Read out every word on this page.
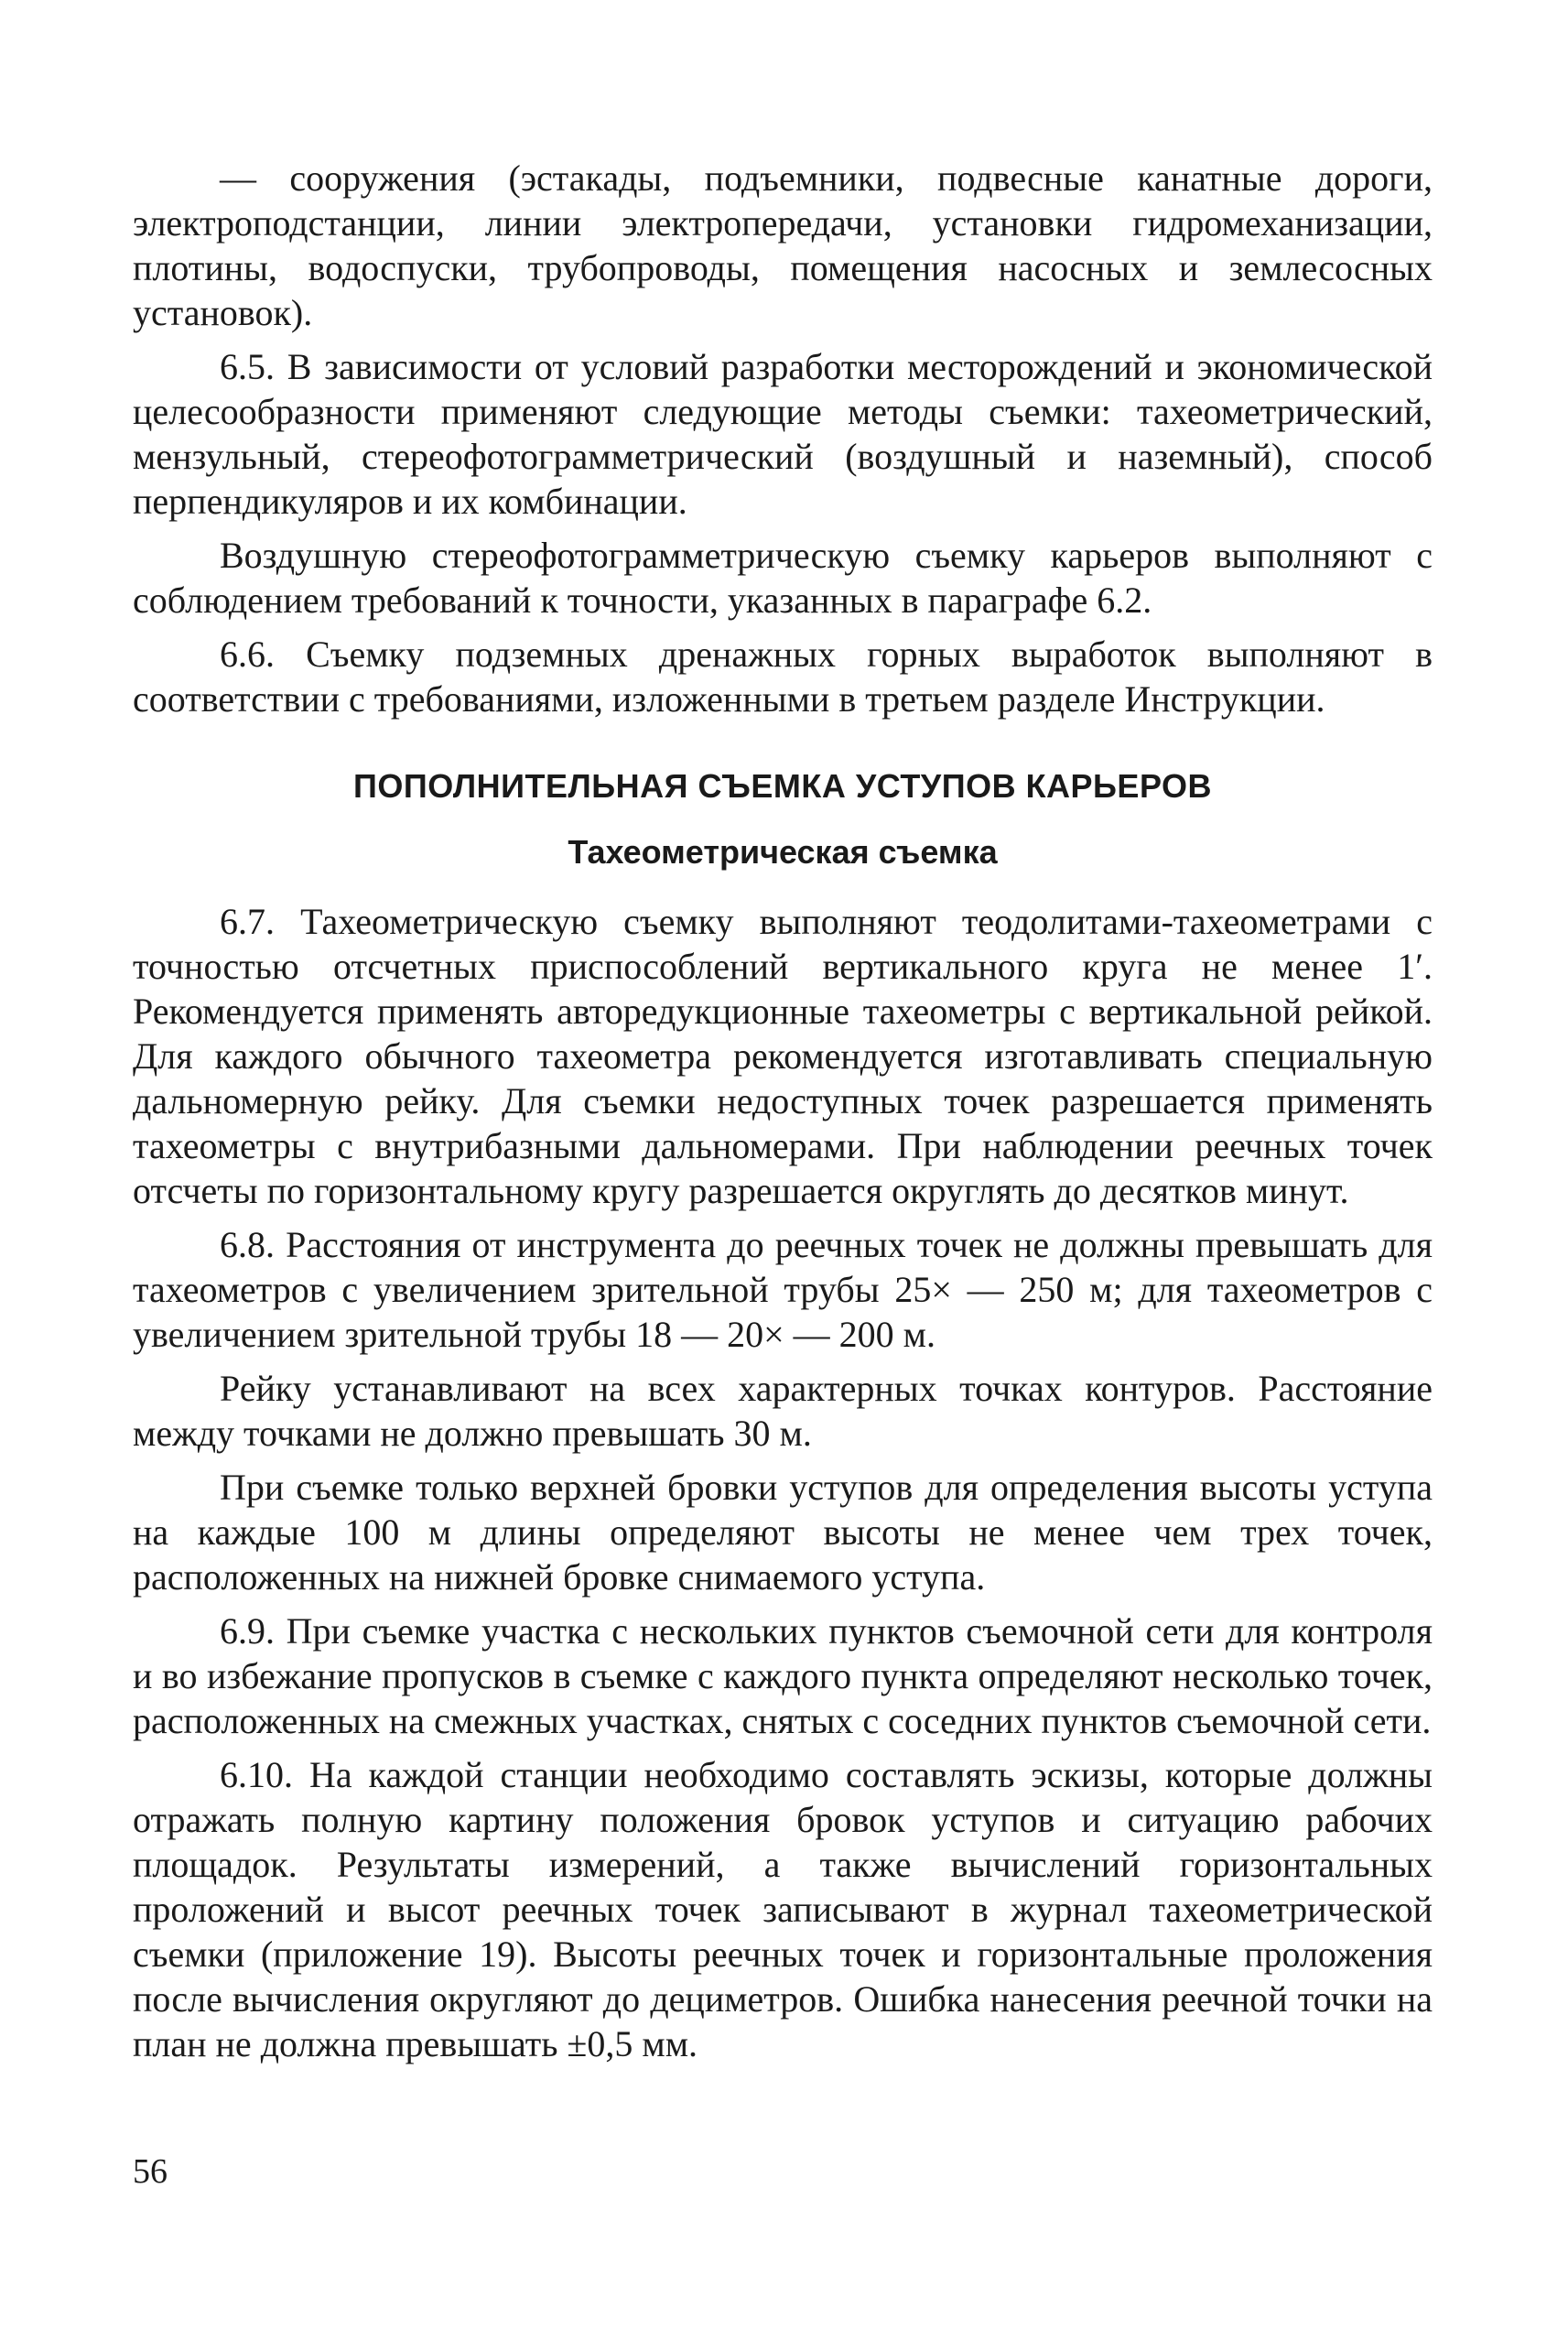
— сооружения (эстакады, подъемники, подвесные канатные дороги, электроподстанции, линии электропередачи, установки гидромеханизации, плотины, водоспуски, трубопроводы, помещения насосных и землесосных установок).

6.5. В зависимости от условий разработки месторождений и экономической целесообразности применяют следующие методы съемки: тахеометрический, мензульный, стереофотограмметрический (воздушный и наземный), способ перпендикуляров и их комбинации.

Воздушную стереофотограмметрическую съемку карьеров выполняют с соблюдением требований к точности, указанных в параграфе 6.2.

6.6. Съемку подземных дренажных горных выработок выполняют в соответствии с требованиями, изложенными в третьем разделе Инструкции.

ПОПОЛНИТЕЛЬНАЯ СЪЕМКА УСТУПОВ КАРЬЕРОВ
Тахеометрическая съемка

6.7. Тахеометрическую съемку выполняют теодолитами-тахеометрами с точностью отсчетных приспособлений вертикального круга не менее 1′. Рекомендуется применять авторедукционные тахеометры с вертикальной рейкой. Для каждого обычного тахеометра рекомендуется изготавливать специальную дальномерную рейку. Для съемки недоступных точек разрешается применять тахеометры с внутрибазными дальномерами. При наблюдении реечных точек отсчеты по горизонтальному кругу разрешается округлять до десятков минут.

6.8. Расстояния от инструмента до реечных точек не должны превышать для тахеометров с увеличением зрительной трубы 25× — 250 м; для тахеометров с увеличением зрительной трубы 18 — 20× — 200 м.

Рейку устанавливают на всех характерных точках контуров. Расстояние между точками не должно превышать 30 м.

При съемке только верхней бровки уступов для определения высоты уступа на каждые 100 м длины определяют высоты не менее чем трех точек, расположенных на нижней бровке снимаемого уступа.

6.9. При съемке участка с нескольких пунктов съемочной сети для контроля и во избежание пропусков в съемке с каждого пункта определяют несколько точек, расположенных на смежных участках, снятых с соседних пунктов съемочной сети.

6.10. На каждой станции необходимо составлять эскизы, которые должны отражать полную картину положения бровок уступов и ситуацию рабочих площадок. Результаты измерений, а также вычислений горизонтальных проложений и высот реечных точек записывают в журнал тахеометрической съемки (приложение 19). Высоты реечных точек и горизонтальные проложения после вычисления округляют до дециметров. Ошибка нанесения реечной точки на план не должна превышать ±0,5 мм.

56
